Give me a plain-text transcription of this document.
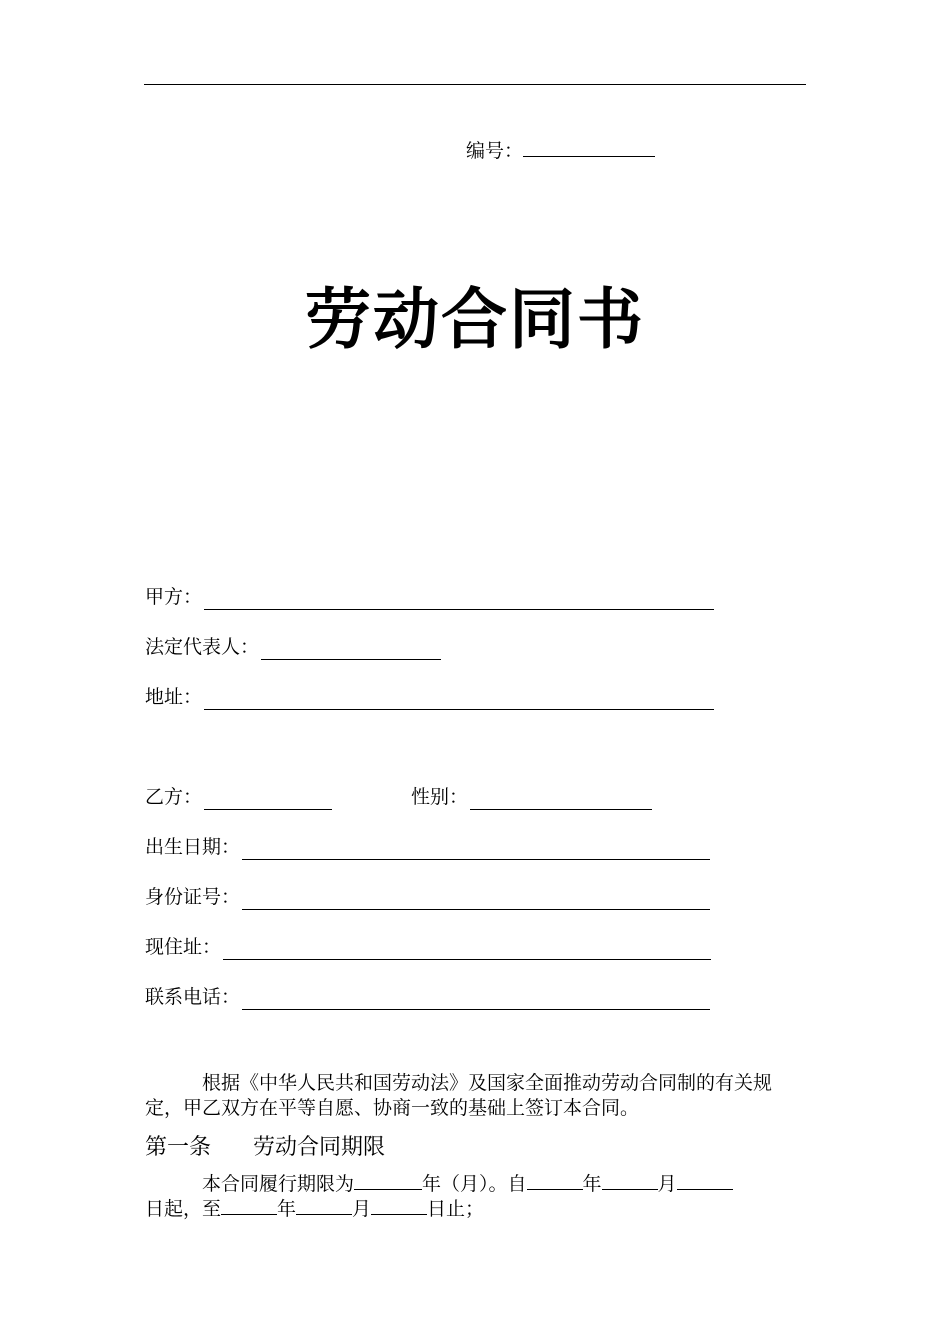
编号：
劳动合同书
甲方：
法定代表人：
地址：
乙方：	性别：
出生日期：
身份证号：
现住址：
联系电话：
根据《中华人民共和国劳动法》及国家全面推动劳动合同制的有关规定，甲乙双方在平等自愿、协商一致的基础上签订本合同。
第一条 劳动合同期限
本合同履行期限为	年（月）。自	年	月
日起，至	年	月	日止；
